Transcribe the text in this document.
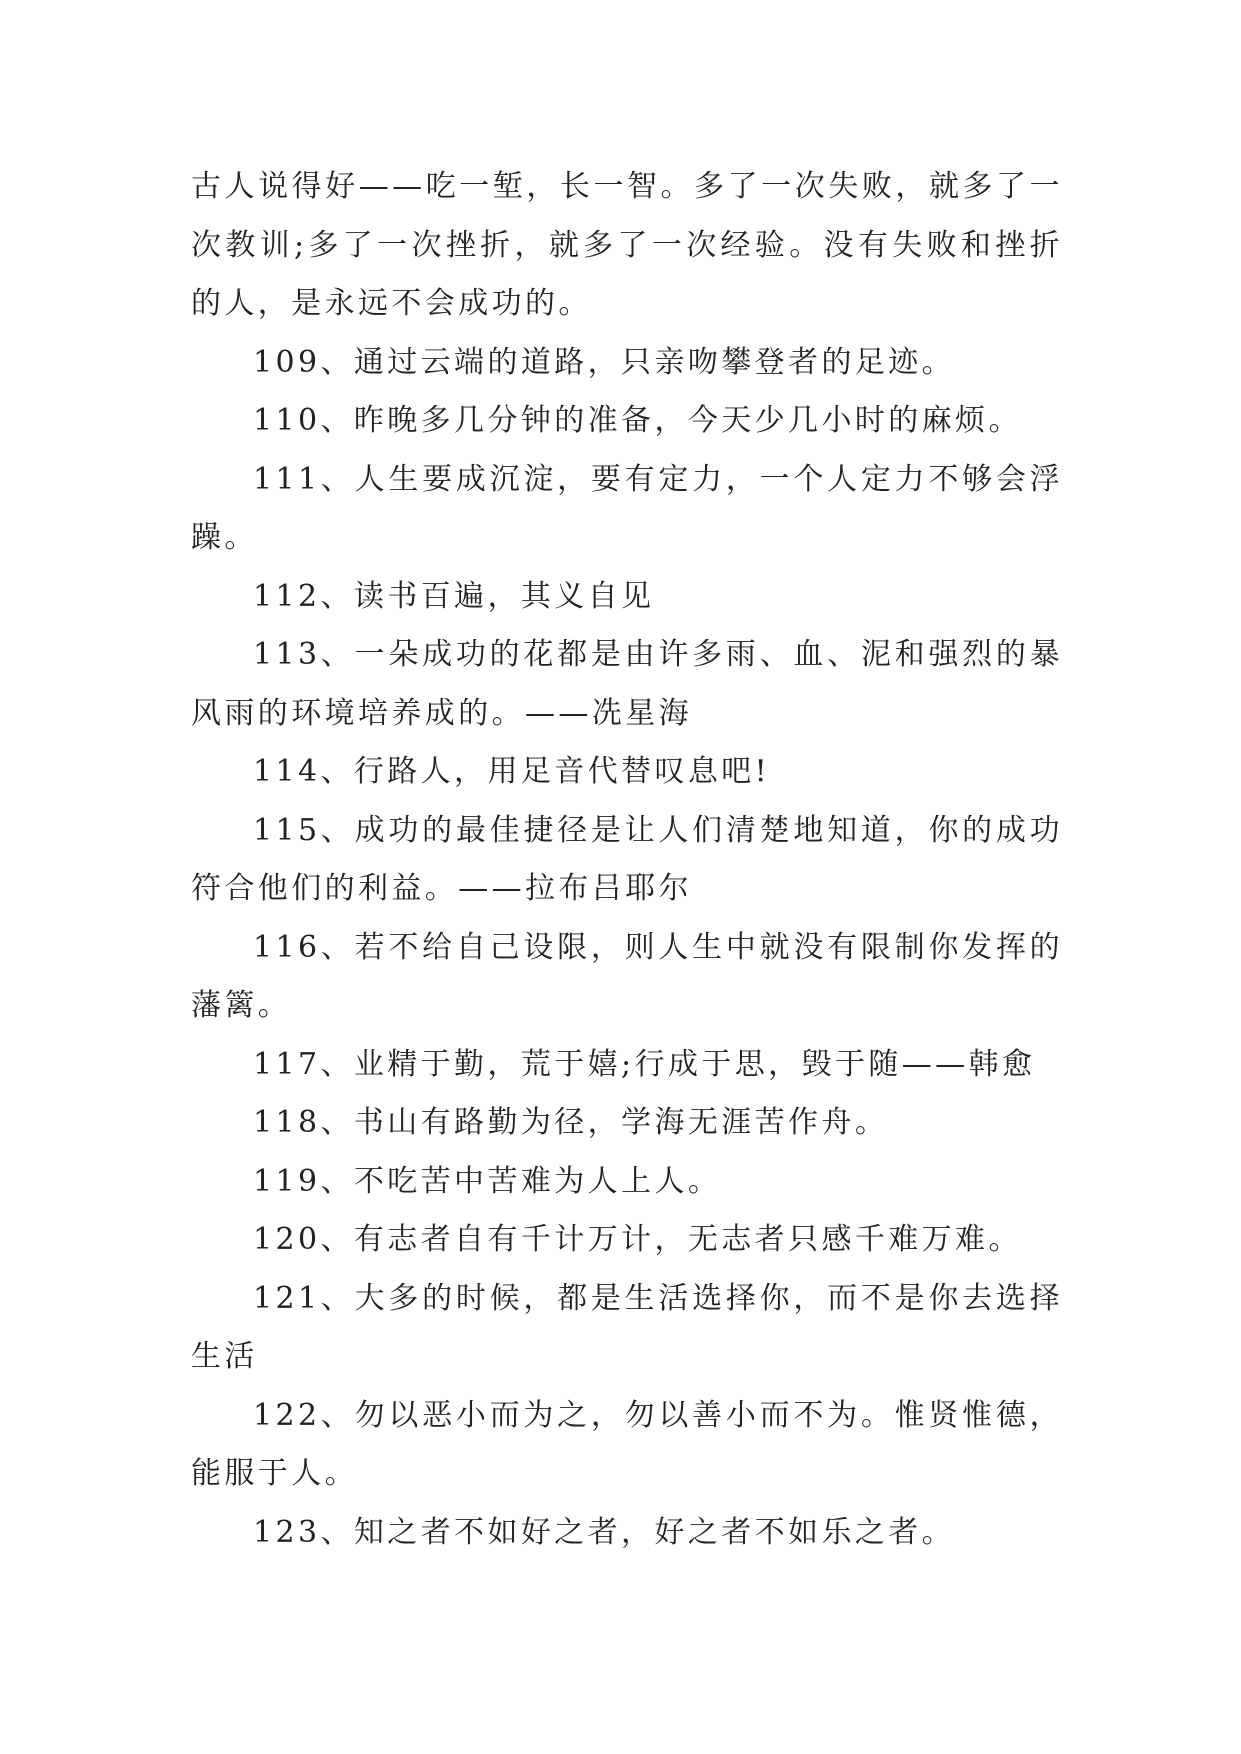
古人说得好——吃一堑，长一智。多了一次失败，就多了一次教训;多了一次挫折，就多了一次经验。没有失败和挫折的人，是永远不会成功的。

109、通过云端的道路，只亲吻攀登者的足迹。

110、昨晚多几分钟的准备，今天少几小时的麻烦。

111、人生要成沉淀，要有定力，一个人定力不够会浮躁。

112、读书百遍，其义自见

113、一朵成功的花都是由许多雨、血、泥和强烈的暴风雨的环境培养成的。——冼星海

114、行路人，用足音代替叹息吧!

115、成功的最佳捷径是让人们清楚地知道，你的成功符合他们的利益。——拉布吕耶尔

116、若不给自己设限，则人生中就没有限制你发挥的藩篱。

117、业精于勤，荒于嬉;行成于思，毁于随——韩愈

118、书山有路勤为径，学海无涯苦作舟。

119、不吃苦中苦难为人上人。

120、有志者自有千计万计，无志者只感千难万难。

121、大多的时候，都是生活选择你，而不是你去选择生活

122、勿以恶小而为之，勿以善小而不为。惟贤惟德，能服于人。

123、知之者不如好之者，好之者不如乐之者。
